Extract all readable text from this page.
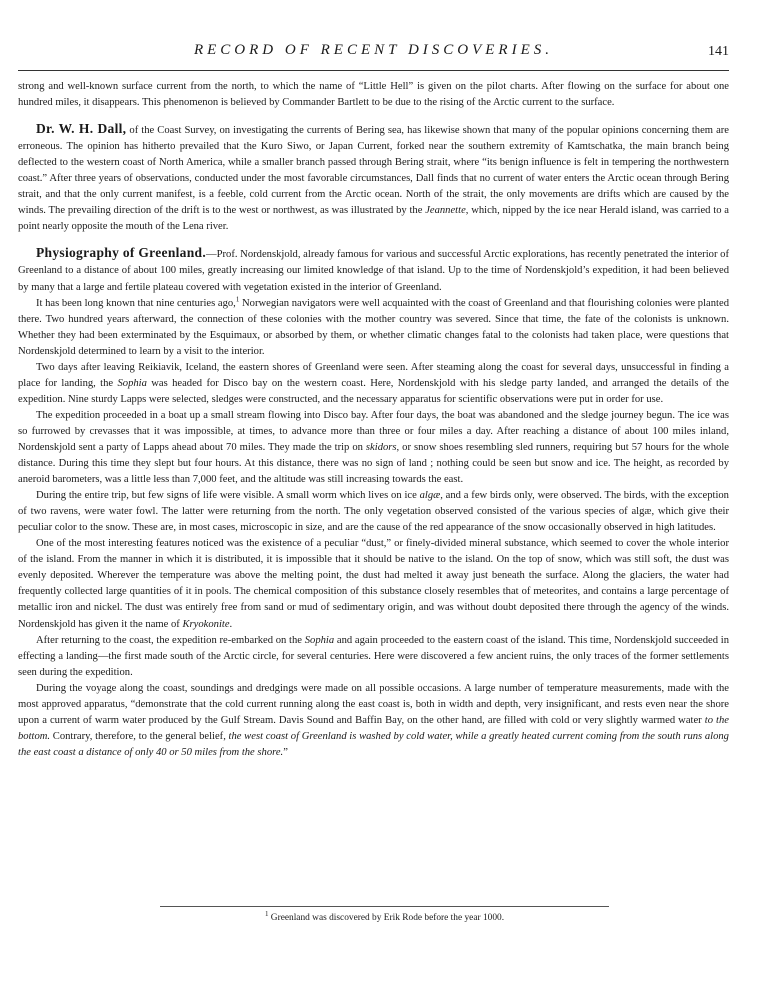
RECORD OF RECENT DISCOVERIES.	141

strong and well-known surface current from the north, to which the name of “Little Hell” is given on the pilot charts. After flowing on the surface for about one hundred miles, it disappears. This phenomenon is believed by Commander Bartlett to be due to the rising of the Arctic current to the surface.

Dr. W. H. Dall, of the Coast Survey, on investigating the currents of Bering sea, has likewise shown that many of the popular opinions concerning them are erroneous. The opinion has hitherto prevailed that the Kuro Siwo, or Japan Current, forked near the southern extremity of Kamtschatka, the main branch being deflected to the western coast of North America, while a smaller branch passed through Bering strait, where “its benign influence is felt in tempering the northwestern coast.” After three years of observations, conducted under the most favorable circumstances, Dall finds that no current of water enters the Arctic ocean through Bering strait, and that the only current manifest, is a feeble, cold current from the Arctic ocean. North of the strait, the only movements are drifts which are caused by the winds. The prevailing direction of the drift is to the west or northwest, as was illustrated by the Jeannette, which, nipped by the ice near Herald island, was carried to a point nearly opposite the mouth of the Lena river.

Physiography of Greenland.—Prof. Nordenskjold, already famous for various and successful Arctic explorations, has recently penetrated the interior of Greenland to a distance of about 100 miles, greatly increasing our limited knowledge of that island. Up to the time of Nordenskjold’s expedition, it had been believed by many that a large and fertile plateau covered with vegetation existed in the interior of Greenland.

It has been long known that nine centuries ago,$^1$ Norwegian navigators were well acquainted with the coast of Greenland and that flourishing colonies were planted there. Two hundred years afterward, the connection of these colonies with the mother country was severed. Since that time, the fate of the colonists is unknown. Whether they had been exterminated by the Esquimaux, or absorbed by them, or whether climatic changes fatal to the colonists had taken place, were questions that Nordenskjold determined to learn by a visit to the interior.

Two days after leaving Reikiavik, Iceland, the eastern shores of Greenland were seen. After steaming along the coast for several days, unsuccessful in finding a place for landing, the Sophia was headed for Disco bay on the western coast. Here, Nordenskjold with his sledge party landed, and arranged the details of the expedition. Nine sturdy Lapps were selected, sledges were constructed, and the necessary apparatus for scientific observations were put in order for use.

The expedition proceeded in a boat up a small stream flowing into Disco bay. After four days, the boat was abandoned and the sledge journey begun. The ice was so furrowed by crevasses that it was impossible, at times, to advance more than three or four miles a day. After reaching a distance of about 100 miles inland, Nordenskjold sent a party of Lapps ahead about 70 miles. They made the trip on skidors, or snow shoes resembling sled runners, requiring but 57 hours for the whole distance. During this time they slept but four hours. At this distance, there was no sign of land ; nothing could be seen but snow and ice. The height, as recorded by aneroid barometers, was a little less than 7,000 feet, and the altitude was still increasing towards the east.

During the entire trip, but few signs of life were visible. A small worm which lives on ice algæ, and a few birds only, were observed. The birds, with the exception of two ravens, were water fowl. The latter were returning from the north. The only vegetation observed consisted of the various species of algæ, which give their peculiar color to the snow. These are, in most cases, microscopic in size, and are the cause of the red appearance of the snow occasionally observed in high latitudes.

One of the most interesting features noticed was the existence of a peculiar “dust,” or finely-divided mineral substance, which seemed to cover the whole interior of the island. From the manner in which it is distributed, it is impossible that it should be native to the island. On the top of snow, which was still soft, the dust was evenly deposited. Wherever the temperature was above the melting point, the dust had melted it away just beneath the surface. Along the glaciers, the water had frequently collected large quantities of it in pools. The chemical composition of this substance closely resembles that of meteorites, and contains a large percentage of metallic iron and nickel. The dust was entirely free from sand or mud of sedimentary origin, and was without doubt deposited there through the agency of the winds. Nordenskjold has given it the name of Kryokonite.

After returning to the coast, the expedition re-embarked on the Sophia and again proceeded to the eastern coast of the island. This time, Nordenskjold succeeded in effecting a landing—the first made south of the Arctic circle, for several centuries. Here were discovered a few ancient ruins, the only traces of the former settlements seen during the expedition.

During the voyage along the coast, soundings and dredgings were made on all possible occasions. A large number of temperature measurements, made with the most approved apparatus, “demonstrate that the cold current running along the east coast is, both in width and depth, very insignificant, and rests even near the shore upon a current of warm water produced by the Gulf Stream. Davis Sound and Baffin Bay, on the other hand, are filled with cold or very slightly warmed water to the bottom. Contrary, therefore, to the general belief, the west coast of Greenland is washed by cold water, while a greatly heated current coming from the south runs along the east coast a distance of only 40 or 50 miles from the shore.”

$^1$ Greenland was discovered by Erik Rode before the year 1000.
